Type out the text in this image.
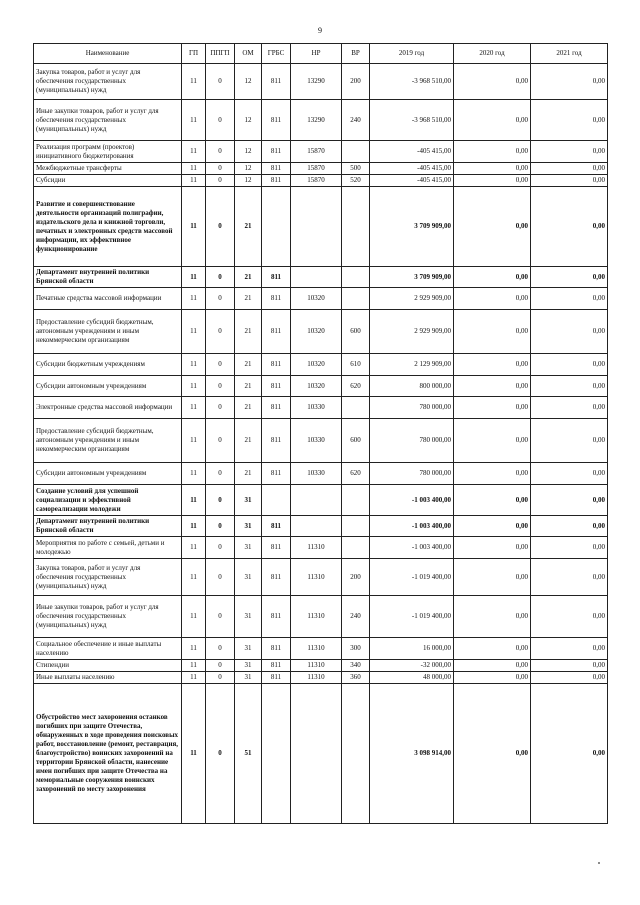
9
Наименование	ГП	ППГП	ОМ	ГРБС	НР	ВР	2019 год	2020 год	2021 год
Закупка товаров, работ и услуг для обеспечения государственных (муниципальных) нужд	11	0	12	811	13290	200	-3 968 510,00	0,00	0,00
Иные закупки товаров, работ и услуг для обеспечения государственных (муниципальных) нужд	11	0	12	811	13290	240	-3 968 510,00	0,00	0,00
Реализация программ (проектов) инициативного бюджетирования	11	0	12	811	15870		-405 415,00	0,00	0,00
Межбюджетные трансферты	11	0	12	811	15870	500	-405 415,00	0,00	0,00
Субсидии	11	0	12	811	15870	520	-405 415,00	0,00	0,00
Развитие и совершенствование деятельности организаций полиграфии, издательского дела и книжной торговли, печатных и электронных средств массовой информации, их эффективное функционирование	11	0	21				3 709 909,00	0,00	0,00
Департамент внутренней политики Брянской области	11	0	21	811			3 709 909,00	0,00	0,00
Печатные средства массовой информации	11	0	21	811	10320		2 929 909,00	0,00	0,00
Предоставление субсидий бюджетным, автономным учреждениям и иным некоммерческим организациям	11	0	21	811	10320	600	2 929 909,00	0,00	0,00
Субсидии бюджетным учреждениям	11	0	21	811	10320	610	2 129 909,00	0,00	0,00
Субсидии автономным учреждениям	11	0	21	811	10320	620	800 000,00	0,00	0,00
Электронные средства массовой информации	11	0	21	811	10330		780 000,00	0,00	0,00
Предоставление субсидий бюджетным, автономным учреждениям и иным некоммерческим организациям	11	0	21	811	10330	600	780 000,00	0,00	0,00
Субсидии автономным учреждениям	11	0	21	811	10330	620	780 000,00	0,00	0,00
Создание условий для успешной социализации и эффективной самореализации молодежи	11	0	31				-1 003 400,00	0,00	0,00
Департамент внутренней политики Брянской области	11	0	31	811			-1 003 400,00	0,00	0,00
Мероприятия по работе с семьей, детьми и молодежью	11	0	31	811	11310		-1 003 400,00	0,00	0,00
Закупка товаров, работ и услуг для обеспечения государственных (муниципальных) нужд	11	0	31	811	11310	200	-1 019 400,00	0,00	0,00
Иные закупки товаров, работ и услуг для обеспечения государственных (муниципальных) нужд	11	0	31	811	11310	240	-1 019 400,00	0,00	0,00
Социальное обеспечение и иные выплаты населению	11	0	31	811	11310	300	16 000,00	0,00	0,00
Стипендии	11	0	31	811	11310	340	-32 000,00	0,00	0,00
Иные выплаты населению	11	0	31	811	11310	360	48 000,00	0,00	0,00
Обустройство мест захоронения останков погибших при защите Отечества, обнаруженных в ходе проведения поисковых работ, восстановление (ремонт, реставрация, благоустройство) воинских захоронений на территории Брянской области, нанесение имен погибших при защите Отечества на мемориальные сооружения воинских захоронений по месту захоронения	11	0	51				3 098 914,00	0,00	0,00
